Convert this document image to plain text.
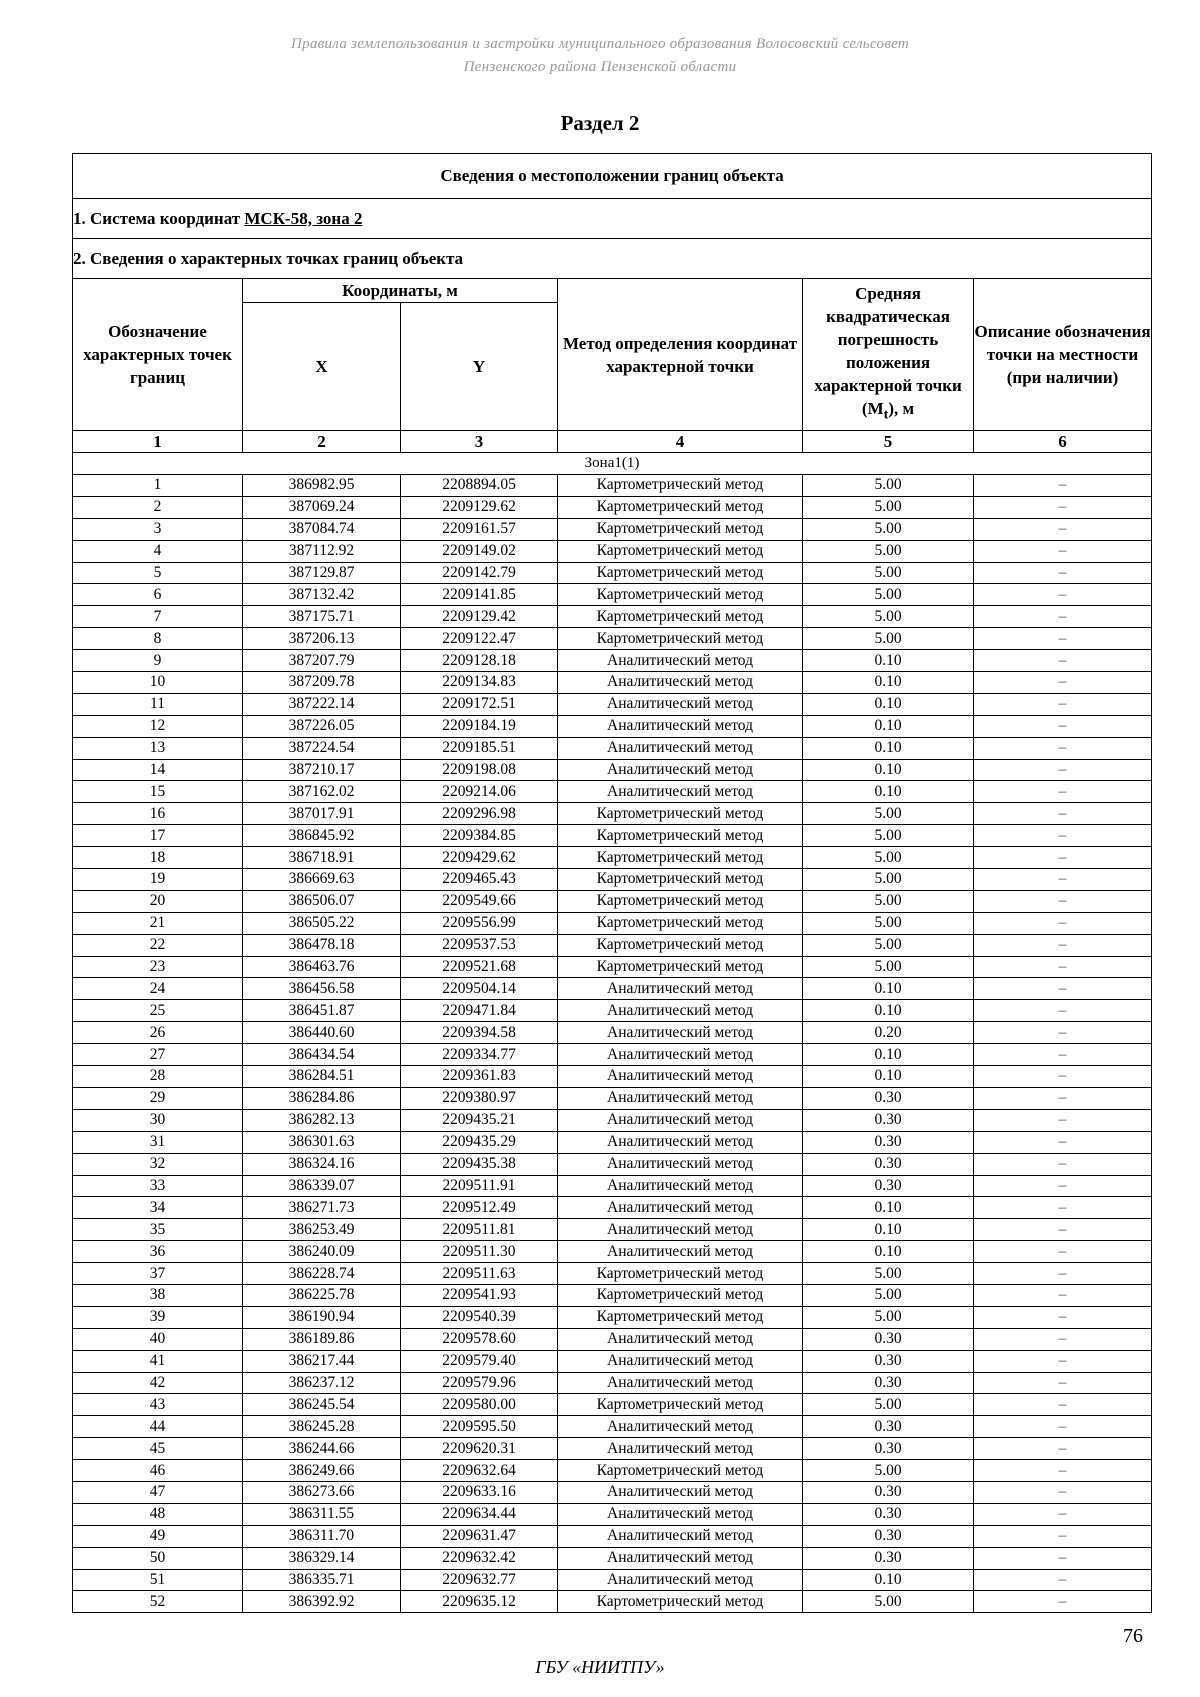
Правила землепользования и застройки муниципального образования Волосовский сельсовет
Пензенского района Пензенской области
Раздел 2
Сведения о местоположении границ объекта					
1. Система координат МСК-58, зона 2					
2. Сведения о характерных точках границ объекта					
Обозначение характерных точек границ	Координаты, м		Метод определения координат характерной точки	Средняя квадратическая погрешность положения характерной точки $(M_t)$, м	Описание обозначения точки на местности (при наличии)
	X	Y			
1	2	3	4	5	6
Зона1(1)					
1	386982.95	2208894.05	Картометрический метод	5.00	–
2	387069.24	2209129.62	Картометрический метод	5.00	–
3	387084.74	2209161.57	Картометрический метод	5.00	–
4	387112.92	2209149.02	Картометрический метод	5.00	–
5	387129.87	2209142.79	Картометрический метод	5.00	–
6	387132.42	2209141.85	Картометрический метод	5.00	–
7	387175.71	2209129.42	Картометрический метод	5.00	–
8	387206.13	2209122.47	Картометрический метод	5.00	–
9	387207.79	2209128.18	Аналитический метод	0.10	–
10	387209.78	2209134.83	Аналитический метод	0.10	–
11	387222.14	2209172.51	Аналитический метод	0.10	–
12	387226.05	2209184.19	Аналитический метод	0.10	–
13	387224.54	2209185.51	Аналитический метод	0.10	–
14	387210.17	2209198.08	Аналитический метод	0.10	–
15	387162.02	2209214.06	Аналитический метод	0.10	–
16	387017.91	2209296.98	Картометрический метод	5.00	–
17	386845.92	2209384.85	Картометрический метод	5.00	–
18	386718.91	2209429.62	Картометрический метод	5.00	–
19	386669.63	2209465.43	Картометрический метод	5.00	–
20	386506.07	2209549.66	Картометрический метод	5.00	–
21	386505.22	2209556.99	Картометрический метод	5.00	–
22	386478.18	2209537.53	Картометрический метод	5.00	–
23	386463.76	2209521.68	Картометрический метод	5.00	–
24	386456.58	2209504.14	Аналитический метод	0.10	–
25	386451.87	2209471.84	Аналитический метод	0.10	–
26	386440.60	2209394.58	Аналитический метод	0.20	–
27	386434.54	2209334.77	Аналитический метод	0.10	–
28	386284.51	2209361.83	Аналитический метод	0.10	–
29	386284.86	2209380.97	Аналитический метод	0.30	–
30	386282.13	2209435.21	Аналитический метод	0.30	–
31	386301.63	2209435.29	Аналитический метод	0.30	–
32	386324.16	2209435.38	Аналитический метод	0.30	–
33	386339.07	2209511.91	Аналитический метод	0.30	–
34	386271.73	2209512.49	Аналитический метод	0.10	–
35	386253.49	2209511.81	Аналитический метод	0.10	–
36	386240.09	2209511.30	Аналитический метод	0.10	–
37	386228.74	2209511.63	Картометрический метод	5.00	–
38	386225.78	2209541.93	Картометрический метод	5.00	–
39	386190.94	2209540.39	Картометрический метод	5.00	–
40	386189.86	2209578.60	Аналитический метод	0.30	–
41	386217.44	2209579.40	Аналитический метод	0.30	–
42	386237.12	2209579.96	Аналитический метод	0.30	–
43	386245.54	2209580.00	Картометрический метод	5.00	–
44	386245.28	2209595.50	Аналитический метод	0.30	–
45	386244.66	2209620.31	Аналитический метод	0.30	–
46	386249.66	2209632.64	Картометрический метод	5.00	–
47	386273.66	2209633.16	Аналитический метод	0.30	–
48	386311.55	2209634.44	Аналитический метод	0.30	–
49	386311.70	2209631.47	Аналитический метод	0.30	–
50	386329.14	2209632.42	Аналитический метод	0.30	–
51	386335.71	2209632.77	Аналитический метод	0.10	–
52	386392.92	2209635.12	Картометрический метод	5.00	–
76
ГБУ «НИИТПУ»
